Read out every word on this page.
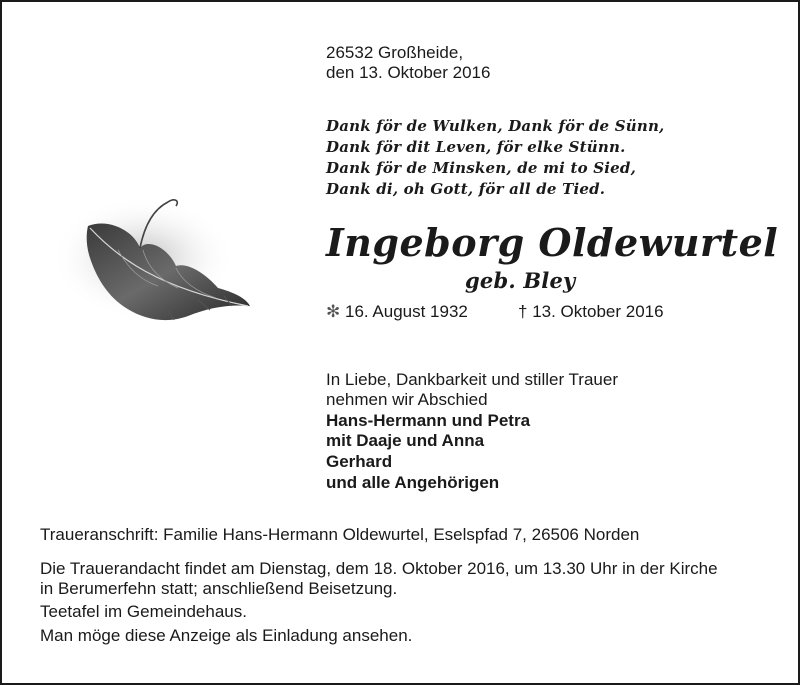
26532 Großheide,
den 13. Oktober 2016
Dank för de Wulken, Dank för de Sünn,
Dank för dit Leven, för elke Stünn.
Dank för de Minsken, de mi to Sied,
Dank di, oh Gott, för all de Tied.
Ingeborg Oldewurtel
geb. Bley
✻ 16. August 1932	† 13. Oktober 2016
In Liebe, Dankbarkeit und stiller Trauer
nehmen wir Abschied
Hans-Hermann und Petra
mit Daaje und Anna
Gerhard
und alle Angehörigen
Traueranschrift: Familie Hans-Hermann Oldewurtel, Eselspfad 7, 26506 Norden
Die Trauerandacht findet am Dienstag, dem 18. Oktober 2016, um 13.30 Uhr in der Kirche
in Berumerfehn statt; anschließend Beisetzung.
Teetafel im Gemeindehaus.
Man möge diese Anzeige als Einladung ansehen.
